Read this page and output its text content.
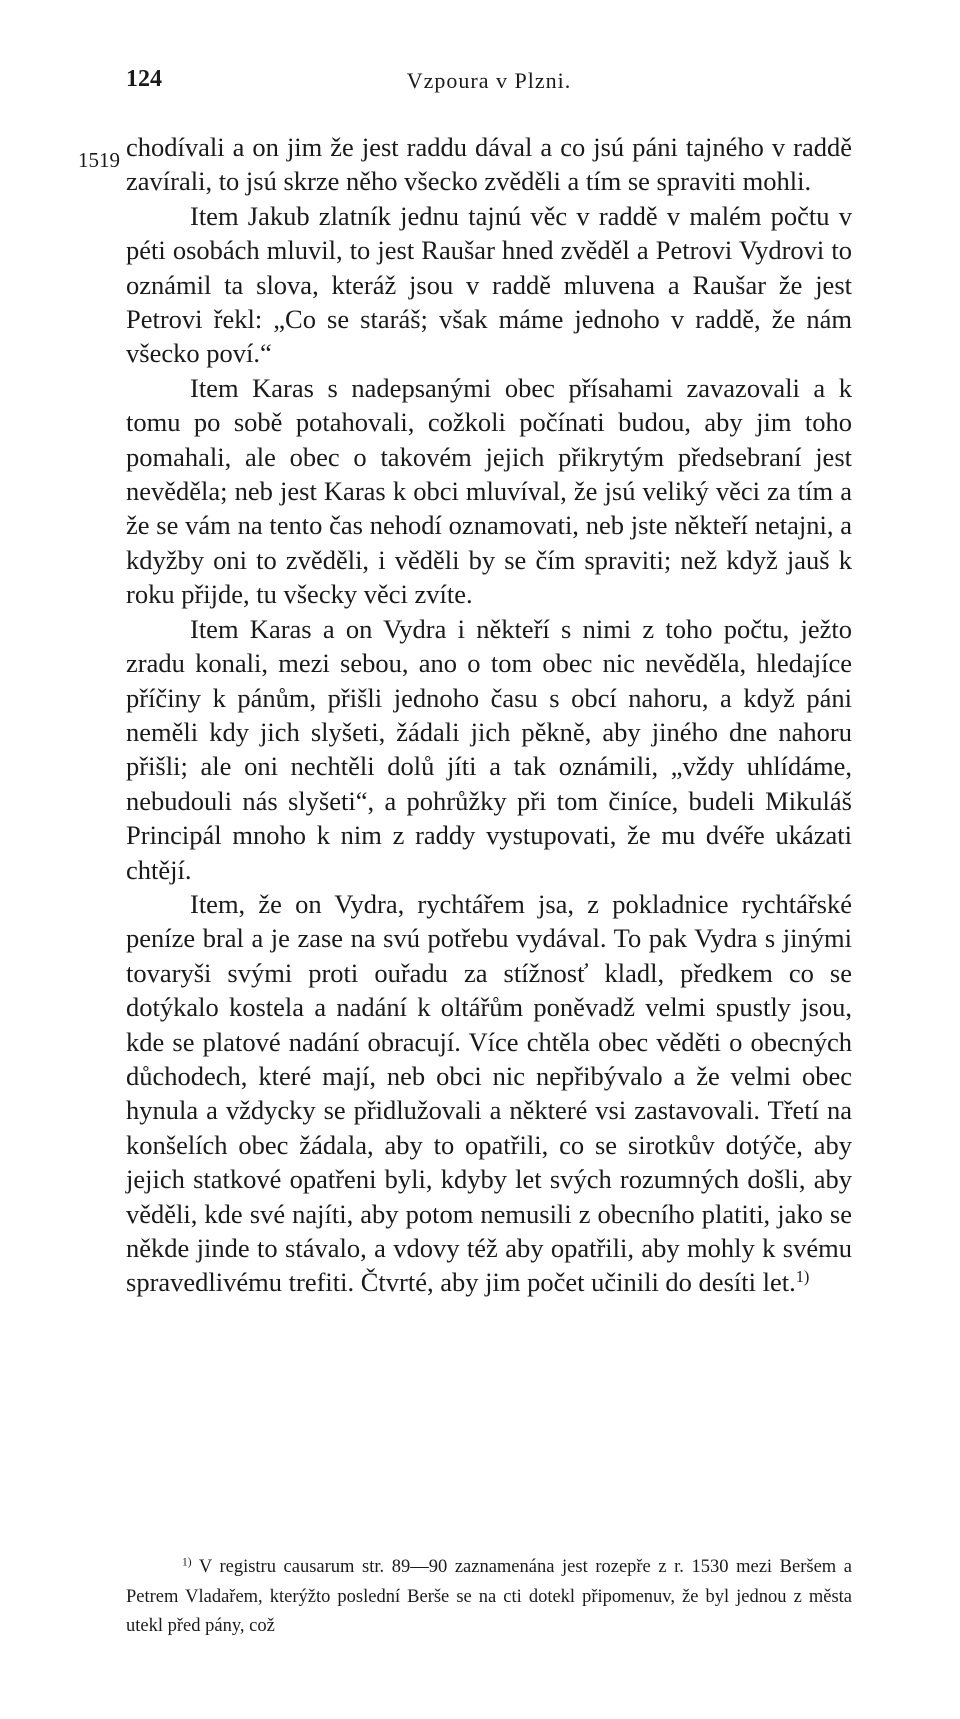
124	Vzpoura v Plzni.
1519 chodívali a on jim že jest raddu dával a co jsú páni tajného v raddě zavírali, to jsú skrze něho všecko zvěděli a tím se spraviti mohli.

Item Jakub zlatník jednu tajnú věc v raddě v malém počtu v péti osobách mluvil, to jest Raušar hned zvěděl a Petrovi Vydrovi to oznámil ta slova, kteráž jsou v raddě mluvena a Raušar že jest Petrovi řekl: „Co se staráš; však máme jednoho v raddě, že nám všecko poví.“

Item Karas s nadepsanými obec přísahami zavazovali a k tomu po sobě potahovali, cožkoli počínati budou, aby jim toho pomahali, ale obec o takovém jejich přikrytým předsebraní jest nevěděla; neb jest Karas k obci mluvíval, že jsú veliký věci za tím a že se vám na tento čas nehodí oznamovati, neb jste někteří netajni, a kdyžby oni to zvěděli, i věděli by se čím spraviti; než když jauš k roku přijde, tu všecky věci zvíte.

Item Karas a on Vydra i někteří s nimi z toho počtu, ježto zradu konali, mezi sebou, ano o tom obec nic nevěděla, hledajíce příčiny k pánům, přišli jednoho času s obcí nahoru, a když páni neměli kdy jich slyšeti, žádali jich pěkně, aby jiného dne nahoru přišli; ale oni nechtěli dolů jíti a tak oznámili, „vždy uhlídáme, nebudouli nás slyšeti“, a pohrůžky při tom činíce, budeli Mikuláš Principál mnoho k nim z raddy vystupovati, že mu dvéře ukázati chtějí.

Item, že on Vydra, rychtářem jsa, z pokladnice rychtářské peníze bral a je zase na svú potřebu vydával. To pak Vydra s jinými tovaryši svými proti ouřadu za stížnosť kladl, předkem co se dotýkalo kostela a nadání k oltářům poněvadž velmi spustly jsou, kde se platové nadání obracují. Více chtěla obec věděti o obecných důchodech, které mají, neb obci nic nepřibývalo a že velmi obec hynula a vždycky se přidlužovali a některé vsi zastavovali. Třetí na konšelích obec žádala, aby to opatřili, co se sirotkův dotýče, aby jejich statkové opatřeni byli, kdyby let svých rozumných došli, aby věděli, kde své najíti, aby potom nemusili z obecního platiti, jako se někde jinde to stávalo, a vdovy též aby opatřili, aby mohly k svému spravedlivému trefiti. Čtvrté, aby jim počet učinili do desíti let.$^{1)}$

$^{1)}$ V registru causarum str. 89—90 zaznamenána jest rozepře z r. 1530 mezi Beršem a Petrem Vladařem, kterýžto poslední Berše se na cti dotekl připomenuv, že byl jednou z města utekl před pány, což
